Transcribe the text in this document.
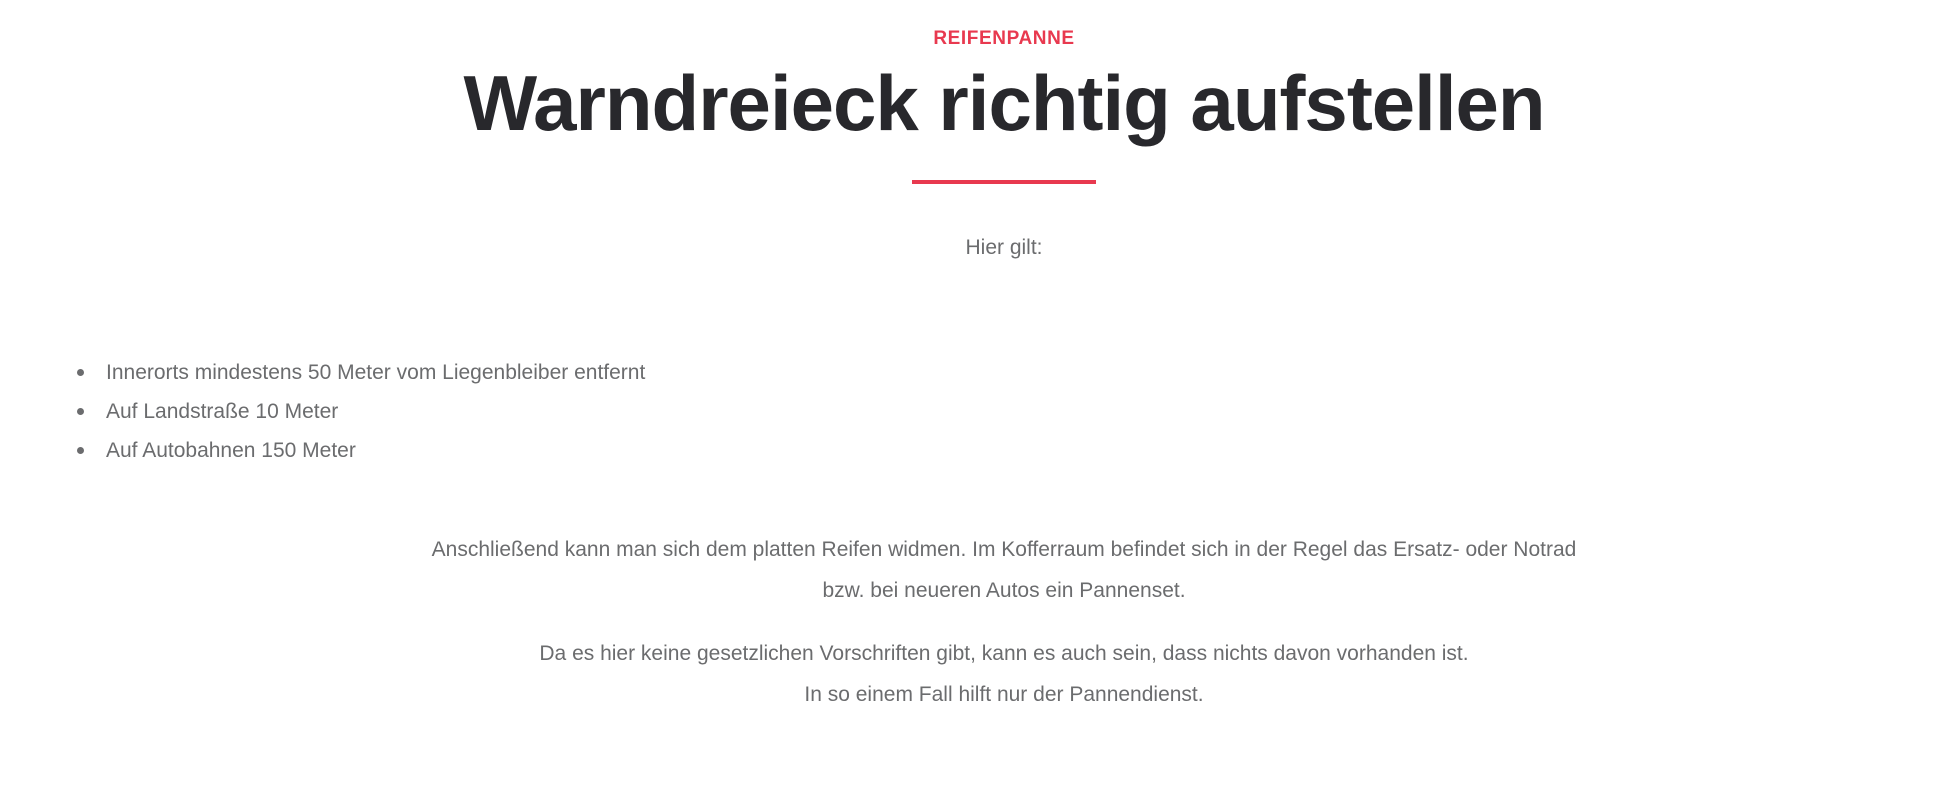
REIFENPANNE
Warndreieck richtig aufstellen
Hier gilt:
Innerorts mindestens 50 Meter vom Liegenbleiber entfernt
Auf Landstraße 10 Meter
Auf Autobahnen 150 Meter

Anschließend kann man sich dem platten Reifen widmen. Im Kofferraum befindet sich in der Regel das Ersatz- oder Notrad
bzw. bei neueren Autos ein Pannenset.

Da es hier keine gesetzlichen Vorschriften gibt, kann es auch sein, dass nichts davon vorhanden ist.
In so einem Fall hilft nur der Pannendienst.
